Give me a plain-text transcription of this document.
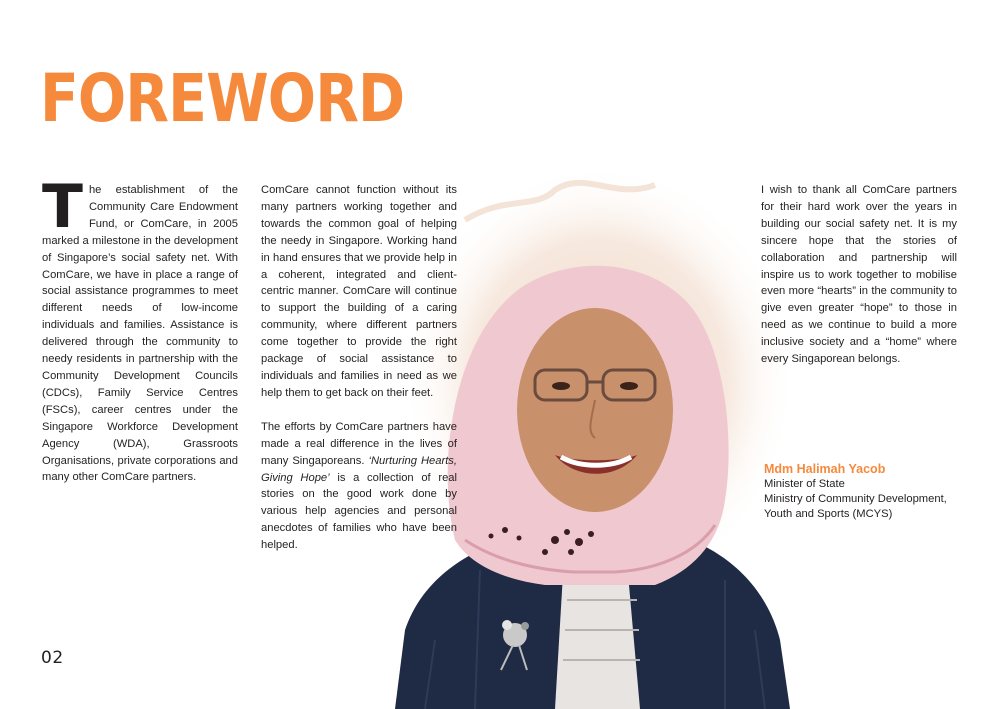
FOREWORD

The establishment of the Community Care Endowment Fund, or ComCare, in 2005 marked a milestone in the development of Singapore’s social safety net. With ComCare, we have in place a range of social assistance programmes to meet different needs of low-income individuals and families. Assistance is delivered through the community to needy residents in partnership with the Community Development Councils (CDCs), Family Service Centres (FSCs), career centres under the Singapore Workforce Development Agency (WDA), Grassroots Organisations, private corporations and many other ComCare partners.

ComCare cannot function without its many partners working together and towards the common goal of helping the needy in Singapore. Working hand in hand ensures that we provide help in a coherent, integrated and client-centric manner. ComCare will continue to support the building of a caring community, where different partners come together to provide the right package of social assistance to individuals and families in need as we help them to get back on their feet.

The efforts by ComCare partners have made a real difference in the lives of many Singaporeans. ‘Nurturing Hearts, Giving Hope’ is a collection of real stories on the good work done by various help agencies and personal anecdotes of families who have been helped.

I wish to thank all ComCare partners for their hard work over the years in building our social safety net. It is my sincere hope that the stories of collaboration and partnership will inspire us to work together to mobilise even more “hearts” in the community to give even greater “hope” to those in need as we continue to build a more inclusive society and a “home” where every Singaporean belongs.

Mdm Halimah Yacob
Minister of State
Ministry of Community Development,
Youth and Sports (MCYS)
02
